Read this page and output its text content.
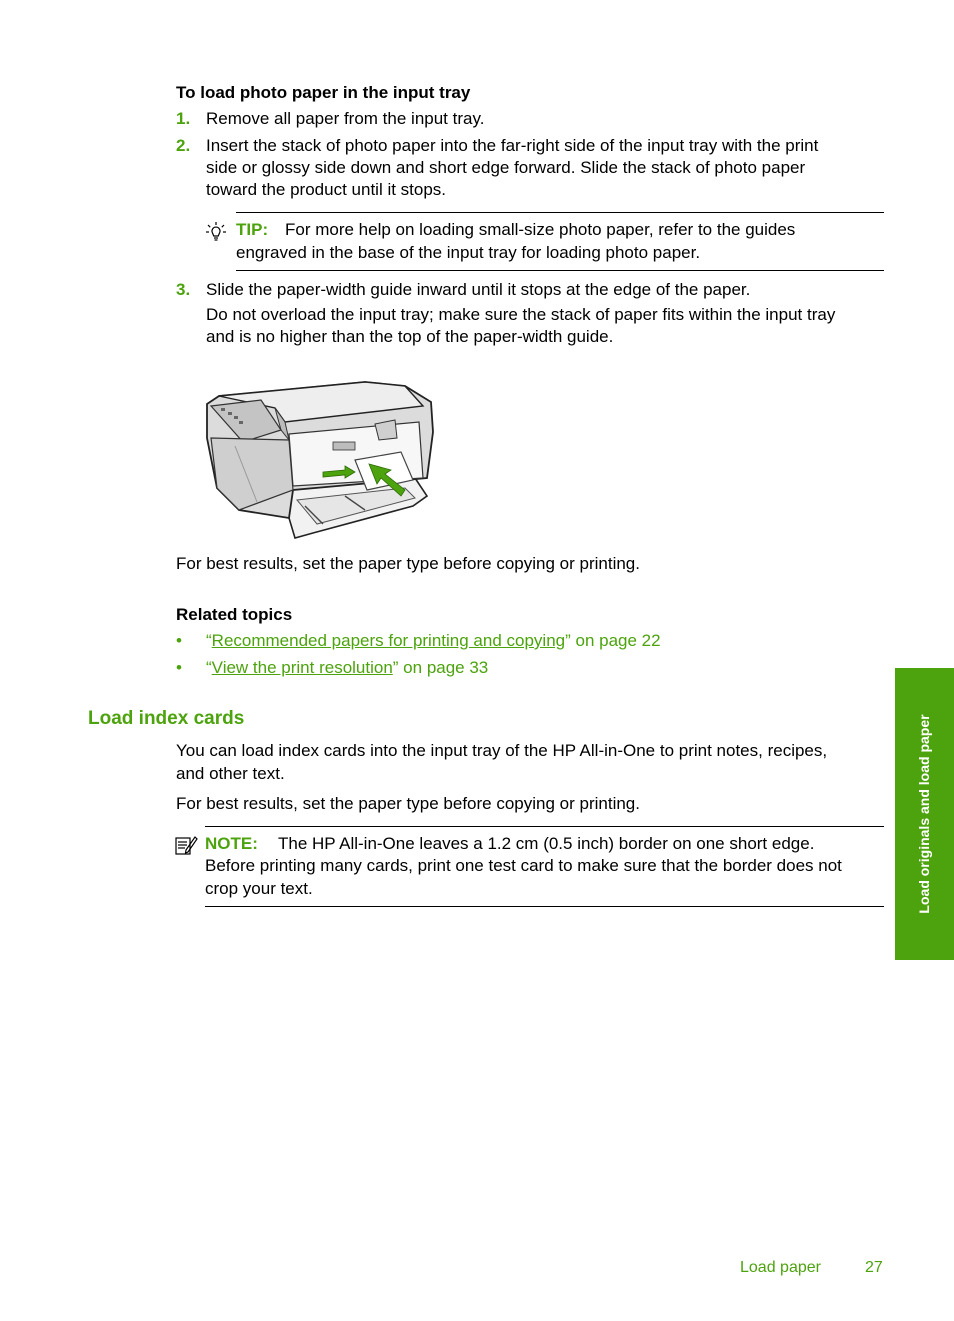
To load photo paper in the input tray
1. Remove all paper from the input tray.
2. Insert the stack of photo paper into the far-right side of the input tray with the print
side or glossy side down and short edge forward. Slide the stack of photo paper
toward the product until it stops.
TIP: For more help on loading small-size photo paper, refer to the guides
engraved in the base of the input tray for loading photo paper.
3. Slide the paper-width guide inward until it stops at the edge of the paper.
Do not overload the input tray; make sure the stack of paper fits within the input tray
and is no higher than the top of the paper-width guide.
For best results, set the paper type before copying or printing.
Related topics
• “Recommended papers for printing and copying” on page 22
• “View the print resolution” on page 33
Load index cards
You can load index cards into the input tray of the HP All-in-One to print notes, recipes,
and other text.
For best results, set the paper type before copying or printing.
NOTE: The HP All-in-One leaves a 1.2 cm (0.5 inch) border on one short edge.
Before printing many cards, print one test card to make sure that the border does not
crop your text.	Load originals and load paper
Load paper	27
